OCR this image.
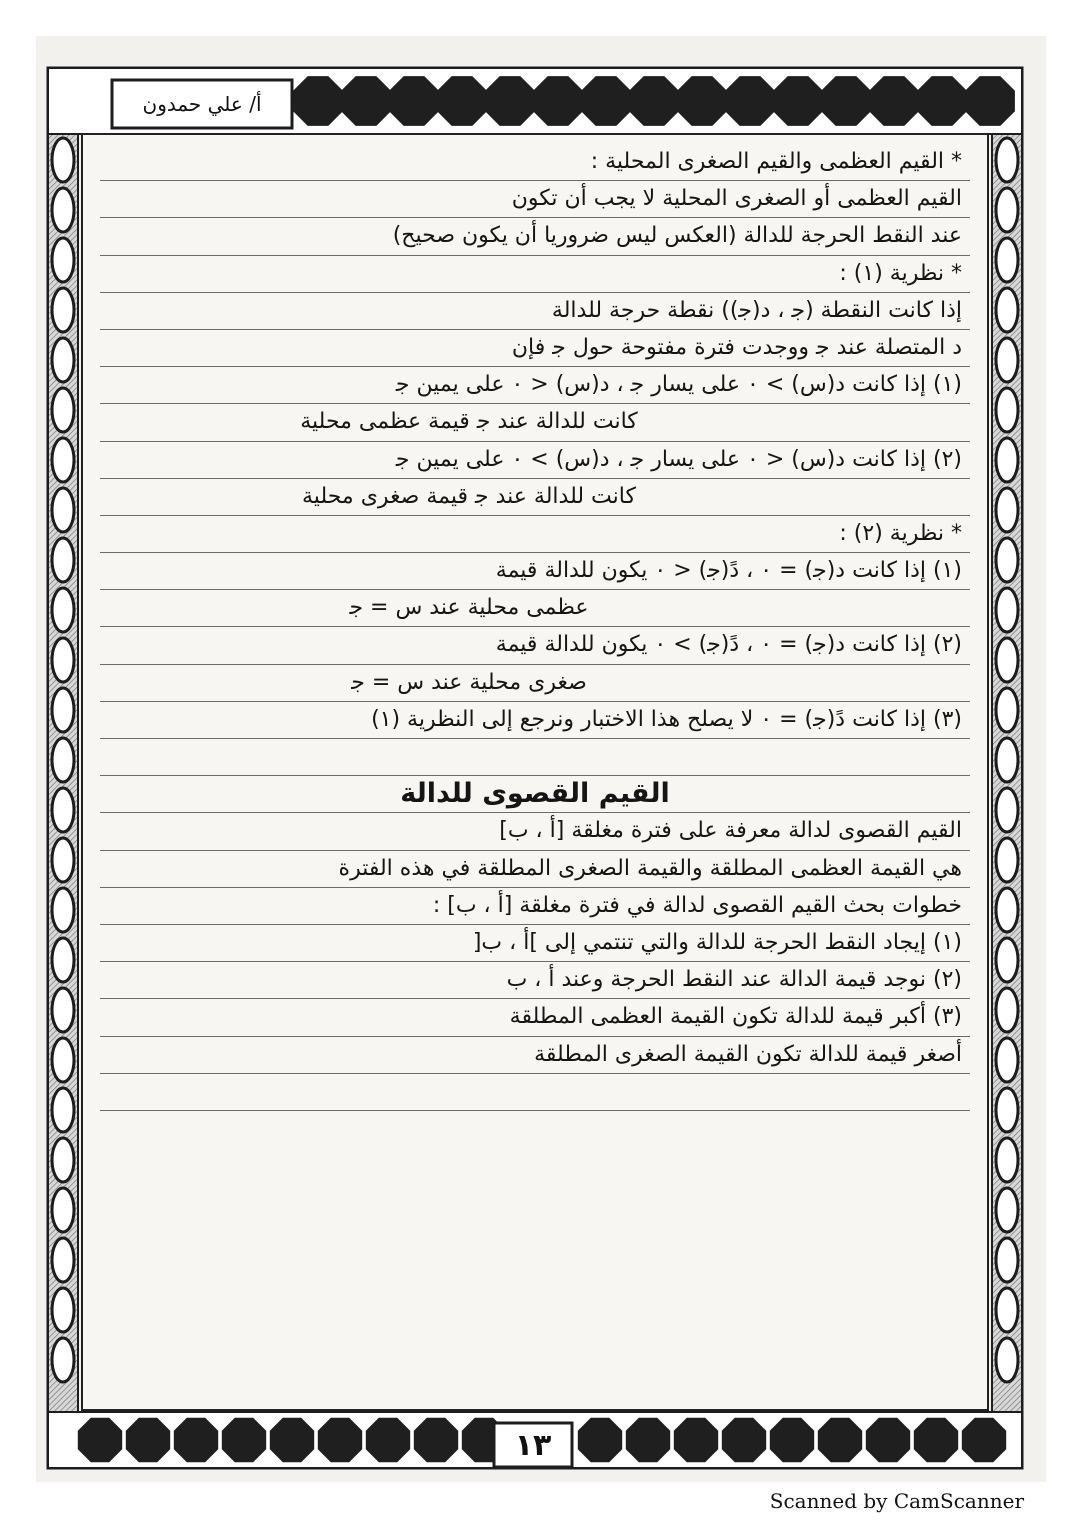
أ/ علي حمدون
* القيم العظمى والقيم الصغرى المحلية :
القيم العظمى أو الصغرى المحلية لا يجب أن تكون
عند النقط الحرجة للدالة (العكس ليس ضروريا أن يكون صحيح)
* نظرية (١) :
إذا كانت النقطة (ﺟ ، د(ﺟ)) نقطة حرجة للدالة
د المتصلة عند ﺟ ووجدت فترة مفتوحة حول ﺟ فإن
(١) إذا كانت د(س) > ٠ على يسار ﺟ ، د(س) < ٠ على يمين ﺟ
كانت للدالة عند ﺟ قيمة عظمى محلية
(٢) إذا كانت د(س) < ٠ على يسار ﺟ ، د(س) > ٠ على يمين ﺟ
كانت للدالة عند ﺟ قيمة صغرى محلية
* نظرية (٢) :
(١) إذا كانت د(ﺟ) = ٠ ، دً(ﺟ) < ٠ يكون للدالة قيمة
عظمى محلية عند س = ﺟ
(٢) إذا كانت د(ﺟ) = ٠ ، دً(ﺟ) > ٠ يكون للدالة قيمة
صغرى محلية عند س = ﺟ
(٣) إذا كانت دً(ﺟ) = ٠ لا يصلح هذا الاختبار ونرجع إلى النظرية (١)
القيم القصوى للدالة
القيم القصوى لدالة معرفة على فترة مغلقة [أ ، ب]
هي القيمة العظمى المطلقة والقيمة الصغرى المطلقة في هذه الفترة
خطوات بحث القيم القصوى لدالة في فترة مغلقة [أ ، ب] :
(١) إيجاد النقط الحرجة للدالة والتي تنتمي إلى ]أ ، ب[
(٢) نوجد قيمة الدالة عند النقط الحرجة وعند أ ، ب
(٣) أكبر قيمة للدالة تكون القيمة العظمى المطلقة
أصغر قيمة للدالة تكون القيمة الصغرى المطلقة
١٣
Scanned by CamScanner
